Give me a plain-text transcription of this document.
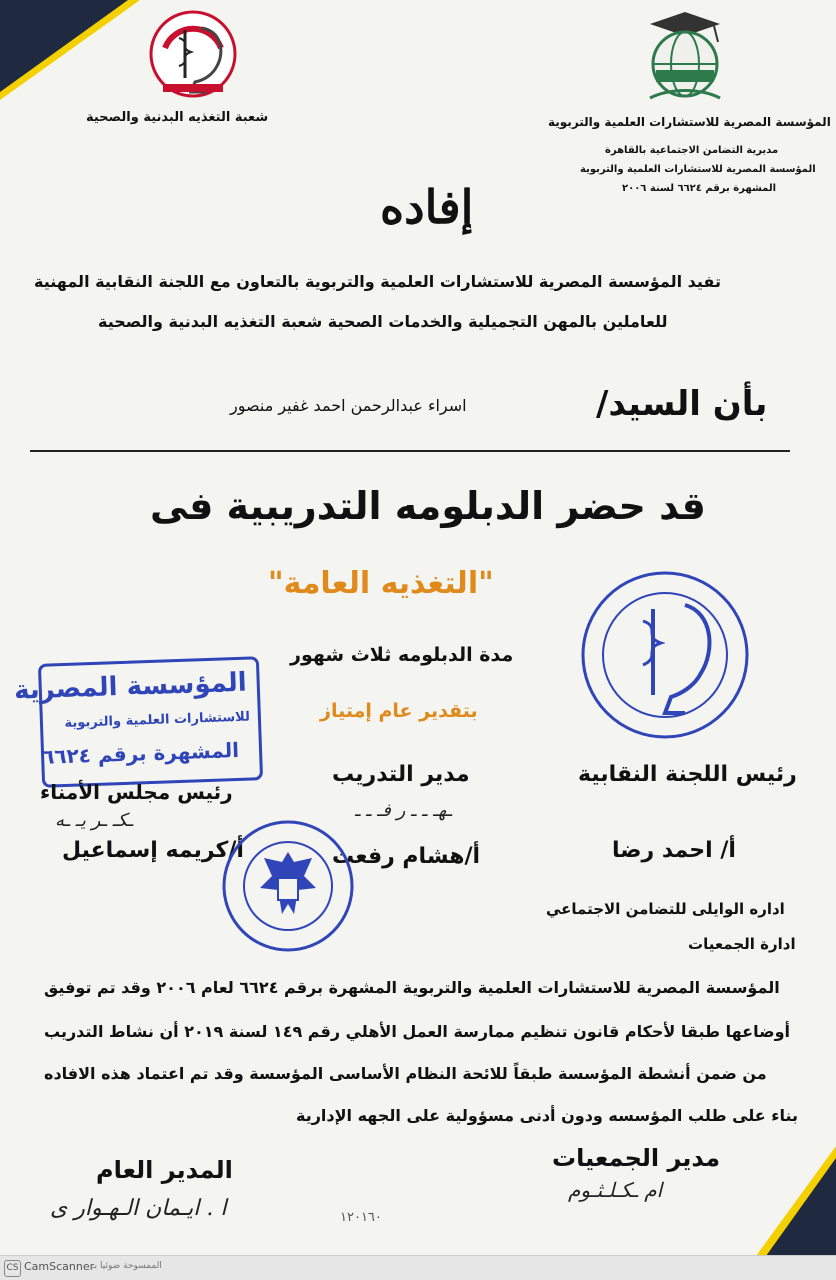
شعبة التغذيه البدنية والصحية	المؤسسة المصرية للاستشارات العلمية والتربوية
مديرية التضامن الاجتماعية بالقاهرة
المؤسسة المصرية للاستشارات العلمية والتربوية
المشهرة برقم ٦٦٢٤ لسنة ٢٠٠٦
إفاده
تفيد المؤسسة المصرية للاستشارات العلمية والتربوية بالتعاون مع اللجنة النقابية المهنية
للعاملين بالمهن التجميلية والخدمات الصحية شعبة التغذيه البدنية والصحية
بأن السيد/
اسراء عبدالرحمن احمد غفير منصور
قد حضر الدبلومه التدريبية فى
"التغذيه العامة"
مدة الدبلومه ثلاث شهور
بتقدير عام إمتياز
المؤسسة المصرية
للاستشارات العلمية والتربوية
المشهرة برقم ٦٦٢٤
رئيس اللجنة النقابية
مدير التدريب
رئيس مجلس الأمناء
ـهـ ـ ـ ر فـ ـ ـ
ـكـ ـر يـ ـه
أ/ احمد رضا
أ/هشام رفعت
أ/كريمه إسماعيل
اداره الوايلى للتضامن الاجتماعي
ادارة الجمعيات
المؤسسة المصرية للاستشارات العلمية والتربوية المشهرة برقم ٦٦٢٤ لعام ٢٠٠٦ وقد تم توفيق
أوضاعها طبقا لأحكام قانون تنظيم ممارسة العمل الأهلي رقم ١٤٩ لسنة ٢٠١٩ أن نشاط التدريب
من ضمن أنشطة المؤسسة طبقاً للائحة النظام الأساسى المؤسسة وقد تم اعتماد هذه الافاده
بناء على طلب المؤسسه ودون أدنى مسؤولية على الجهه الإدارية
مدير الجمعيات
ام ـكـلـثـوم
المدير العام
ا . ايـمان الـهـوار ى	١٢٠١٦٠
CS CamScanner
الممسوحة ضوئيا بـ
